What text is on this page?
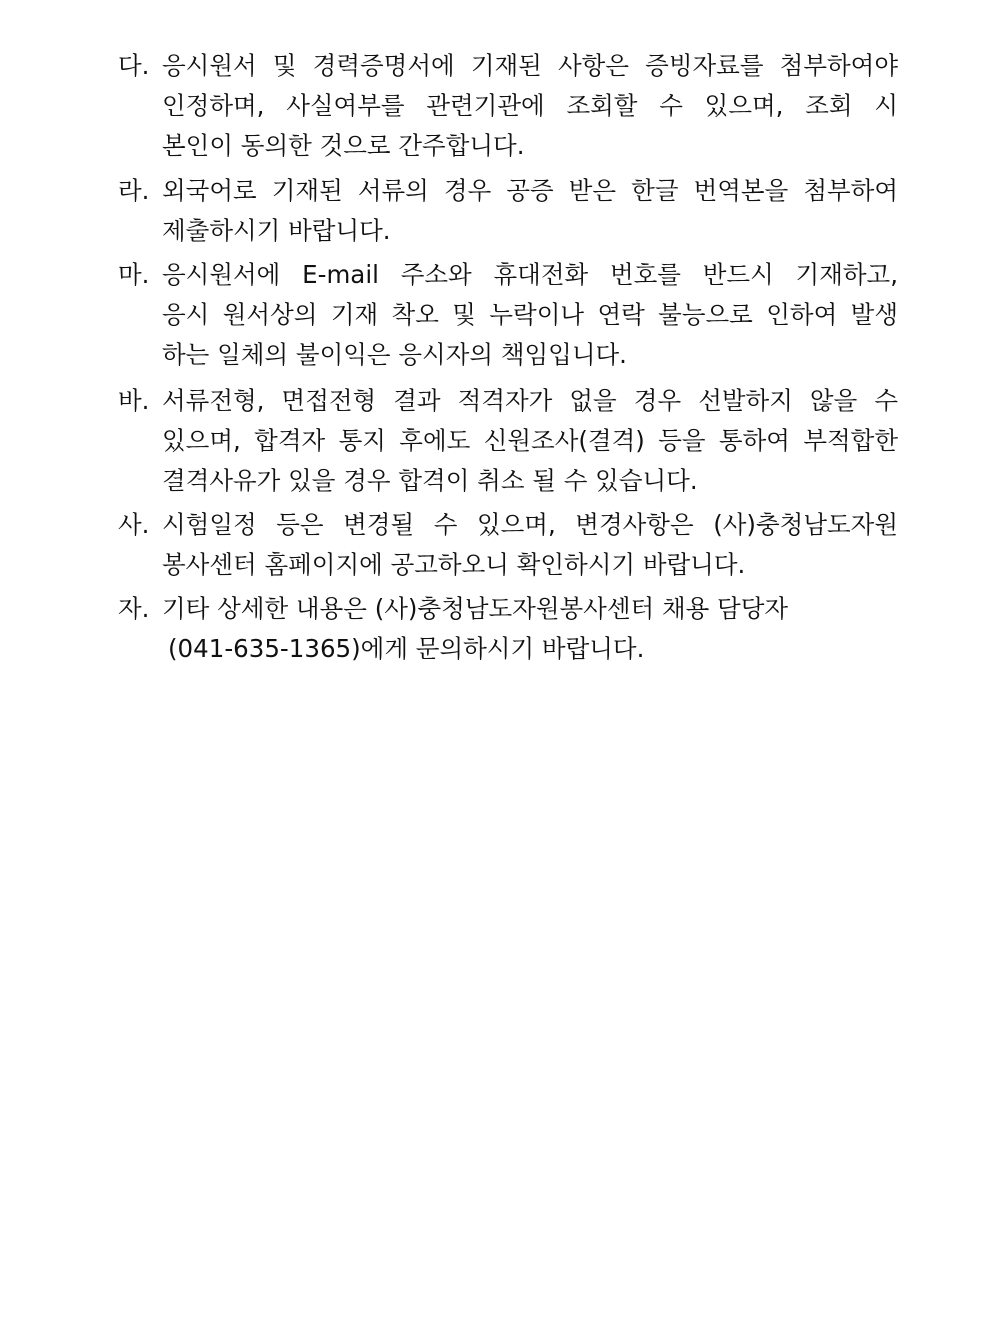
다. 응시원서 및 경력증명서에 기재된 사항은 증빙자료를 첨부하여야
인정하며, 사실여부를 관련기관에 조회할 수 있으며, 조회 시
본인이 동의한 것으로 간주합니다.
라. 외국어로 기재된 서류의 경우 공증 받은 한글 번역본을 첨부하여
제출하시기 바랍니다.
마. 응시원서에 E-mail 주소와 휴대전화 번호를 반드시 기재하고,
응시 원서상의 기재 착오 및 누락이나 연락 불능으로 인하여 발생
하는 일체의 불이익은 응시자의 책임입니다.
바. 서류전형, 면접전형 결과 적격자가 없을 경우 선발하지 않을 수
있으며, 합격자 통지 후에도 신원조사(결격) 등을 통하여 부적합한
결격사유가 있을 경우 합격이 취소 될 수 있습니다.
사. 시험일정 등은 변경될 수 있으며, 변경사항은 (사)충청남도자원
봉사센터 홈페이지에 공고하오니 확인하시기 바랍니다.
자. 기타 상세한 내용은 (사)충청남도자원봉사센터 채용 담당자
(041-635-1365)에게 문의하시기 바랍니다.
